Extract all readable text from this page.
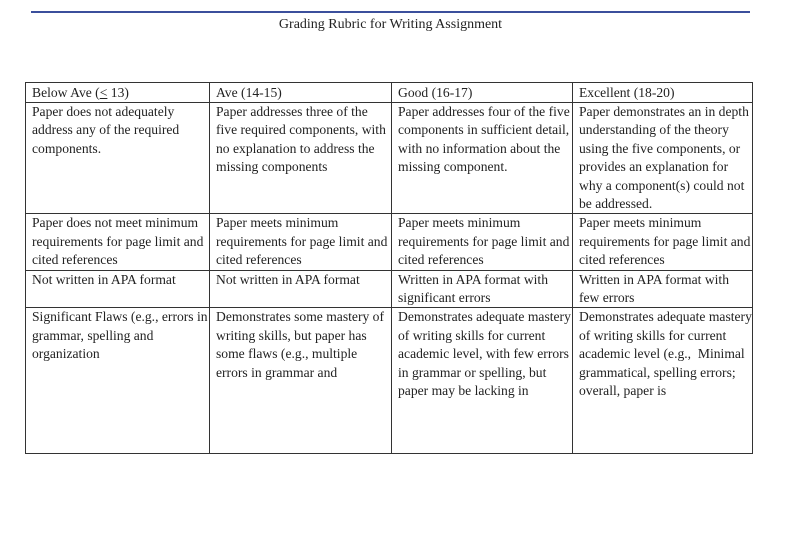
Grading Rubric for Writing Assignment
Below Ave (≤ 13)	Ave (14-15)	Good (16-17)	Excellent (18-20)

Paper does not adequately address any of the required components.	Paper addresses three of the five required components, with no explanation to address the missing components	Paper addresses four of the five components in sufficient detail, with no information about the missing component.	Paper demonstrates an in depth understanding of the theory using the five components, or provides an explanation for why a component(s) could not be addressed.

Paper does not meet minimum requirements for page limit and cited references	Paper meets minimum requirements for page limit and cited references	Paper meets minimum requirements for page limit and cited references	Paper meets minimum requirements for page limit and cited references

Not written in APA format	Not written in APA format	Written in APA format with significant errors	Written in APA format with few errors

Significant Flaws (e.g., errors in grammar, spelling and organization	Demonstrates some mastery of writing skills, but paper has some flaws (e.g., multiple errors in grammar and	Demonstrates adequate mastery of writing skills for current academic level, with few errors in grammar or spelling, but paper may be lacking in	Demonstrates adequate mastery of writing skills for current academic level (e.g.,  Minimal grammatical, spelling errors; overall, paper is
